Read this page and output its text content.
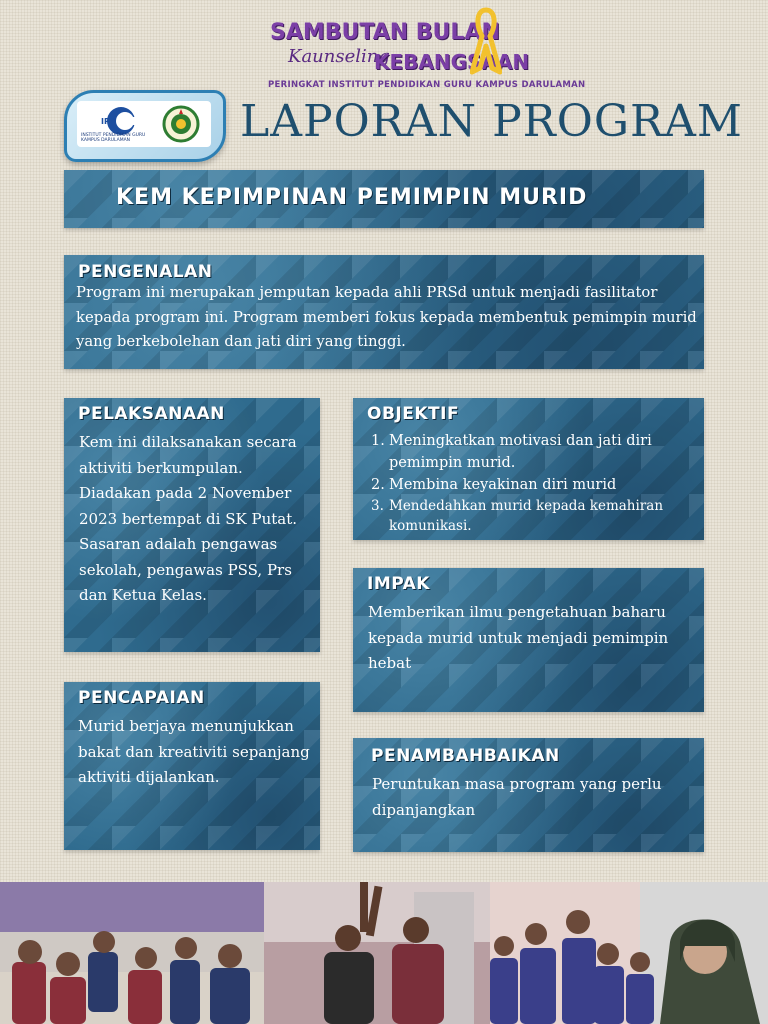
SAMBUTAN BULAN
Kaunseling
KEBANGSAAN
PERINGKAT INSTITUT PENDIDIKAN GURU KAMPUS DARULAMAN
IPG
INSTITUT PENDIDIKAN GURU
KAMPUS DARULAMAN	LAPORAN PROGRAM
KEM KEPIMPINAN PEMIMPIN MURID
PENGENALAN
Program ini merupakan jemputan kepada ahli PRSd untuk menjadi fasilitator kepada program ini. Program memberi fokus kepada membentuk pemimpin murid yang berkebolehan dan jati diri yang tinggi.
PELAKSANAAN
Kem ini dilaksanakan secara aktiviti berkumpulan. Diadakan pada 2 November 2023 bertempat di SK Putat. Sasaran adalah pengawas sekolah, pengawas PSS, Prs dan Ketua Kelas.
OBJEKTIF
1. Meningkatkan motivasi dan jati diri pemimpin murid.
2. Membina keyakinan diri murid
3. Mendedahkan murid kepada kemahiran komunikasi.
IMPAK
Memberikan ilmu pengetahuan baharu kepada murid untuk menjadi pemimpin hebat
PENCAPAIAN
Murid berjaya menunjukkan bakat dan kreativiti sepanjang aktiviti dijalankan.
PENAMBAHBAIKAN
Peruntukan masa program yang perlu dipanjangkan
